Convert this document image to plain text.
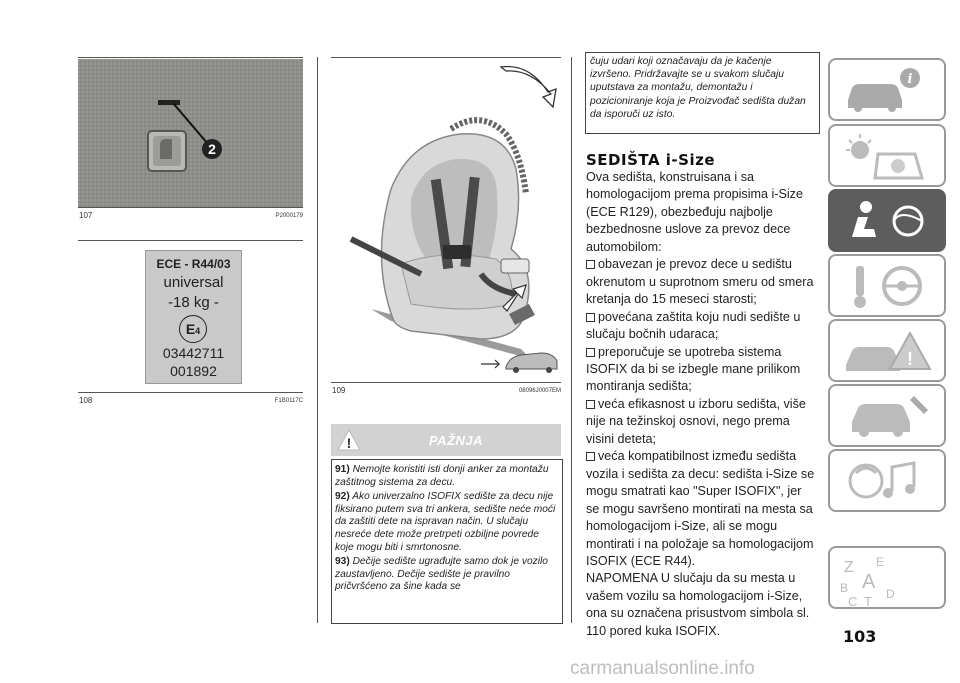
2
107	P2000179
ECE - R44/03
universal
-18 kg -
E4
03442711
001892
108	F1B0117C
109	08096J0007EM
!	PAŽNJA

91) Nemojte koristiti isti donji anker za montažu zaštitnog sistema za decu.

92) Ako univerzalno ISOFIX sedište za decu nije fiksirano putem sva tri ankera, sedište neće moći da zaštiti dete na ispravan način. U slučaju nesreće dete može pretrpeti ozbiljne povrede koje mogu biti i smrtonosne.

93) Dečije sedište ugrađujte samo dok je vozilo zaustavljeno. Dečije sedište je pravilno pričvršćeno za šine kada se

čuju udari koji označavaju da je kačenje izvršeno. Pridržavajte se u svakom slučaju uputstava za montažu, demontažu i pozicioniranje koja je Proizvođač sedišta dužan da isporuči uz isto.
SEDIŠTA i-Size

Ova sedišta, konstruisana i sa homologacijom prema propisima i-Size (ECE R129), obezbeđuju najbolje bezbednosne uslove za prevoz dece automobilom:

obavezan je prevoz dece u sedištu okrenutom u suprotnom smeru od smera kretanja do 15 meseci starosti;

povećana zaštita koju nudi sedište u slučaju bočnih udaraca;

preporučuje se upotreba sistema ISOFIX da bi se izbegle mane prilikom montiranja sedišta;

veća efikasnost u izboru sedišta, više nije na težinskoj osnovi, nego prema visini deteta;

veća kompatibilnost između sedišta vozila i sedišta za decu: sedišta i-Size se mogu smatrati kao "Super ISOFIX", jer se mogu savršeno montirati na mesta sa homologacijom i-Size, ali se mogu montirati i na položaje sa homologacijom ISOFIX (ECE R44).

NAPOMENA U slučaju da su mesta u vašem vozilu sa homologacijom i-Size, ona su označena prisustvom simbola sl. 110 pored kuka ISOFIX.

i
!
Z E
B A
C T D
103
carmanualsonline.info
